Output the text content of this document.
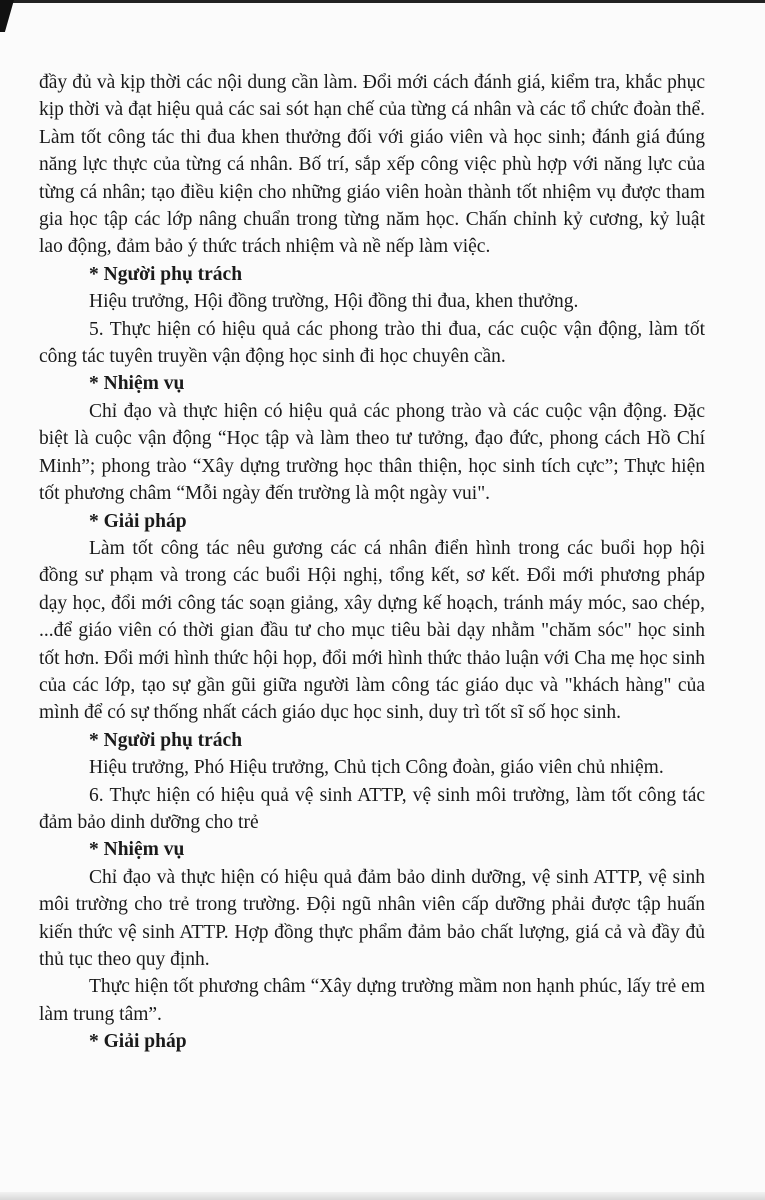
đầy đủ và kịp thời các nội dung cần làm. Đổi mới cách đánh giá, kiểm tra, khắc phục kịp thời và đạt hiệu quả các sai sót hạn chế của từng cá nhân và các tổ chức đoàn thể. Làm tốt công tác thi đua khen thưởng đối với giáo viên và học sinh; đánh giá đúng năng lực thực của từng cá nhân. Bố trí, sắp xếp công việc phù hợp với năng lực của từng cá nhân; tạo điều kiện cho những giáo viên hoàn thành tốt nhiệm vụ được tham gia học tập các lớp nâng chuẩn trong từng năm học. Chấn chỉnh kỷ cương, kỷ luật lao động, đảm bảo ý thức trách nhiệm và nề nếp làm việc.

* Người phụ trách

Hiệu trưởng, Hội đồng trường, Hội đồng thi đua, khen thưởng.

5. Thực hiện có hiệu quả các phong trào thi đua, các cuộc vận động, làm tốt công tác tuyên truyền vận động học sinh đi học chuyên cần.

* Nhiệm vụ

Chỉ đạo và thực hiện có hiệu quả các phong trào và các cuộc vận động. Đặc biệt là cuộc vận động “Học tập và làm theo tư tưởng, đạo đức, phong cách Hồ Chí Minh”; phong trào “Xây dựng trường học thân thiện, học sinh tích cực”; Thực hiện tốt phương châm “Mỗi ngày đến trường là một ngày vui".

* Giải pháp

Làm tốt công tác nêu gương các cá nhân điển hình trong các buổi họp hội đồng sư phạm và trong các buổi Hội nghị, tổng kết, sơ kết. Đổi mới phương pháp dạy học, đổi mới công tác soạn giảng, xây dựng kế hoạch, tránh máy móc, sao chép, ...để giáo viên có thời gian đầu tư cho mục tiêu bài dạy nhằm "chăm sóc" học sinh tốt hơn. Đổi mới hình thức hội họp, đổi mới hình thức thảo luận với Cha mẹ học sinh của các lớp, tạo sự gần gũi giữa người làm công tác giáo dục và "khách hàng" của mình để có sự thống nhất cách giáo dục học sinh, duy trì tốt sĩ số học sinh.

* Người phụ trách

Hiệu trưởng, Phó Hiệu trưởng, Chủ tịch Công đoàn, giáo viên chủ nhiệm.

6. Thực hiện có hiệu quả vệ sinh ATTP, vệ sinh môi trường, làm tốt công tác đảm bảo dinh dưỡng cho trẻ

* Nhiệm vụ

Chỉ đạo và thực hiện có hiệu quả đảm bảo dinh dưỡng, vệ sinh ATTP, vệ sinh môi trường cho trẻ trong trường. Đội ngũ nhân viên cấp dưỡng phải được tập huấn kiến thức vệ sinh ATTP. Hợp đồng thực phẩm đảm bảo chất lượng, giá cả và đầy đủ thủ tục theo quy định.

Thực hiện tốt phương châm “Xây dựng trường mầm non hạnh phúc, lấy trẻ em làm trung tâm”.

* Giải pháp
